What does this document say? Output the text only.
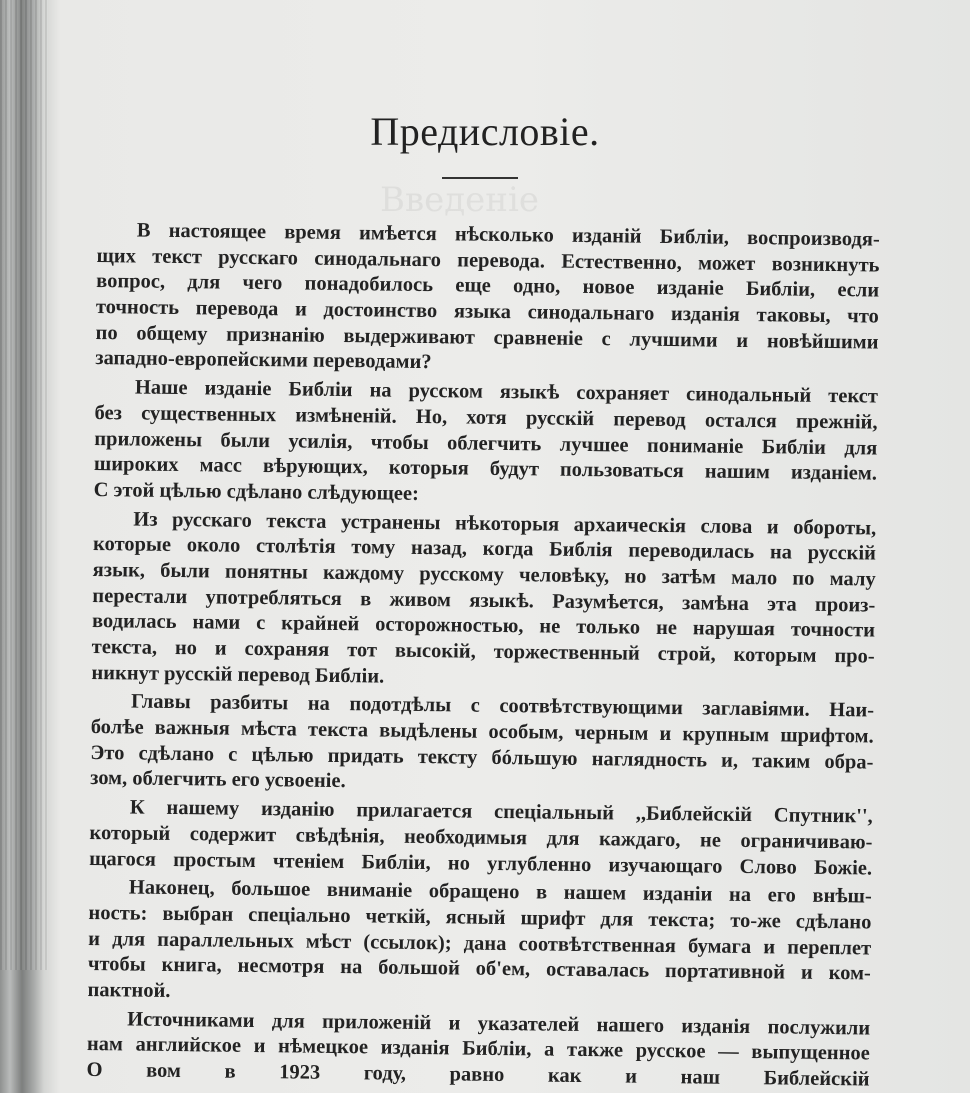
Введеніе
Предисловіе.
В настоящее время имѣется нѣсколько изданій Библіи, воспроизводя-
щих текст русскаго синодальнаго перевода. Естественно, может возникнуть
вопрос, для чего понадобилось еще одно, новое изданіе Библіи, если
точность перевода и достоинство языка синодальнаго изданія таковы, что
по общему признанію выдерживают сравненіе с лучшими и новѣйшими
западно-европейскими переводами?
Наше изданіе Библіи на русском языкѣ сохраняет синодальный текст
без существенных измѣненій. Но, хотя русскій перевод остался прежній,
приложены были усилія, чтобы облегчить лучшее пониманіе Библіи для
широких масс вѣрующих, которыя будут пользоваться нашим изданіем.
С этой цѣлью сдѣлано слѣдующее:
Из русскаго текста устранены нѣкоторыя архаическія слова и обороты,
которые около столѣтія тому назад, когда Библія переводилась на русскій
язык, были понятны каждому русскому человѣку, но затѣм мало по малу
перестали употребляться в живом языкѣ. Разумѣется, замѣна эта произ-
водилась нами с крайней осторожностью, не только не нарушая точности
текста, но и сохраняя тот высокій, торжественный строй, которым про-
никнут русскій перевод Библіи.
Главы разбиты на подотдѣлы с соотвѣтствующими заглавіями. Наи-
болѣе важныя мѣста текста выдѣлены особым, черным и крупным шрифтом.
Это сдѣлано с цѣлью придать тексту бóльшую наглядность и, таким обра-
зом, облегчить его усвоеніе.
К нашему изданію прилагается спеціальный ,,Библейскій Спутник'',
который содержит свѣдѣнія, необходимыя для каждаго, не ограничиваю-
щагося простым чтеніем Библіи, но углубленно изучающаго Слово Божіе.
Наконец, большое вниманіе обращено в нашем изданіи на его внѣш-
ность: выбран спеціально четкій, ясный шрифт для текста; то-же сдѣлано
и для параллельных мѣст (ссылок); дана соотвѣтственная бумага и переплет
чтобы книга, несмотря на большой об'ем, оставалась портативной и ком-
пактной.
Источниками для приложеній и указателей нашего изданія послужили
нам английское и нѣмецкое изданія Библіи, а также русское — выпущенное
О вом в 1923 году, равно как и наш Библейскій
